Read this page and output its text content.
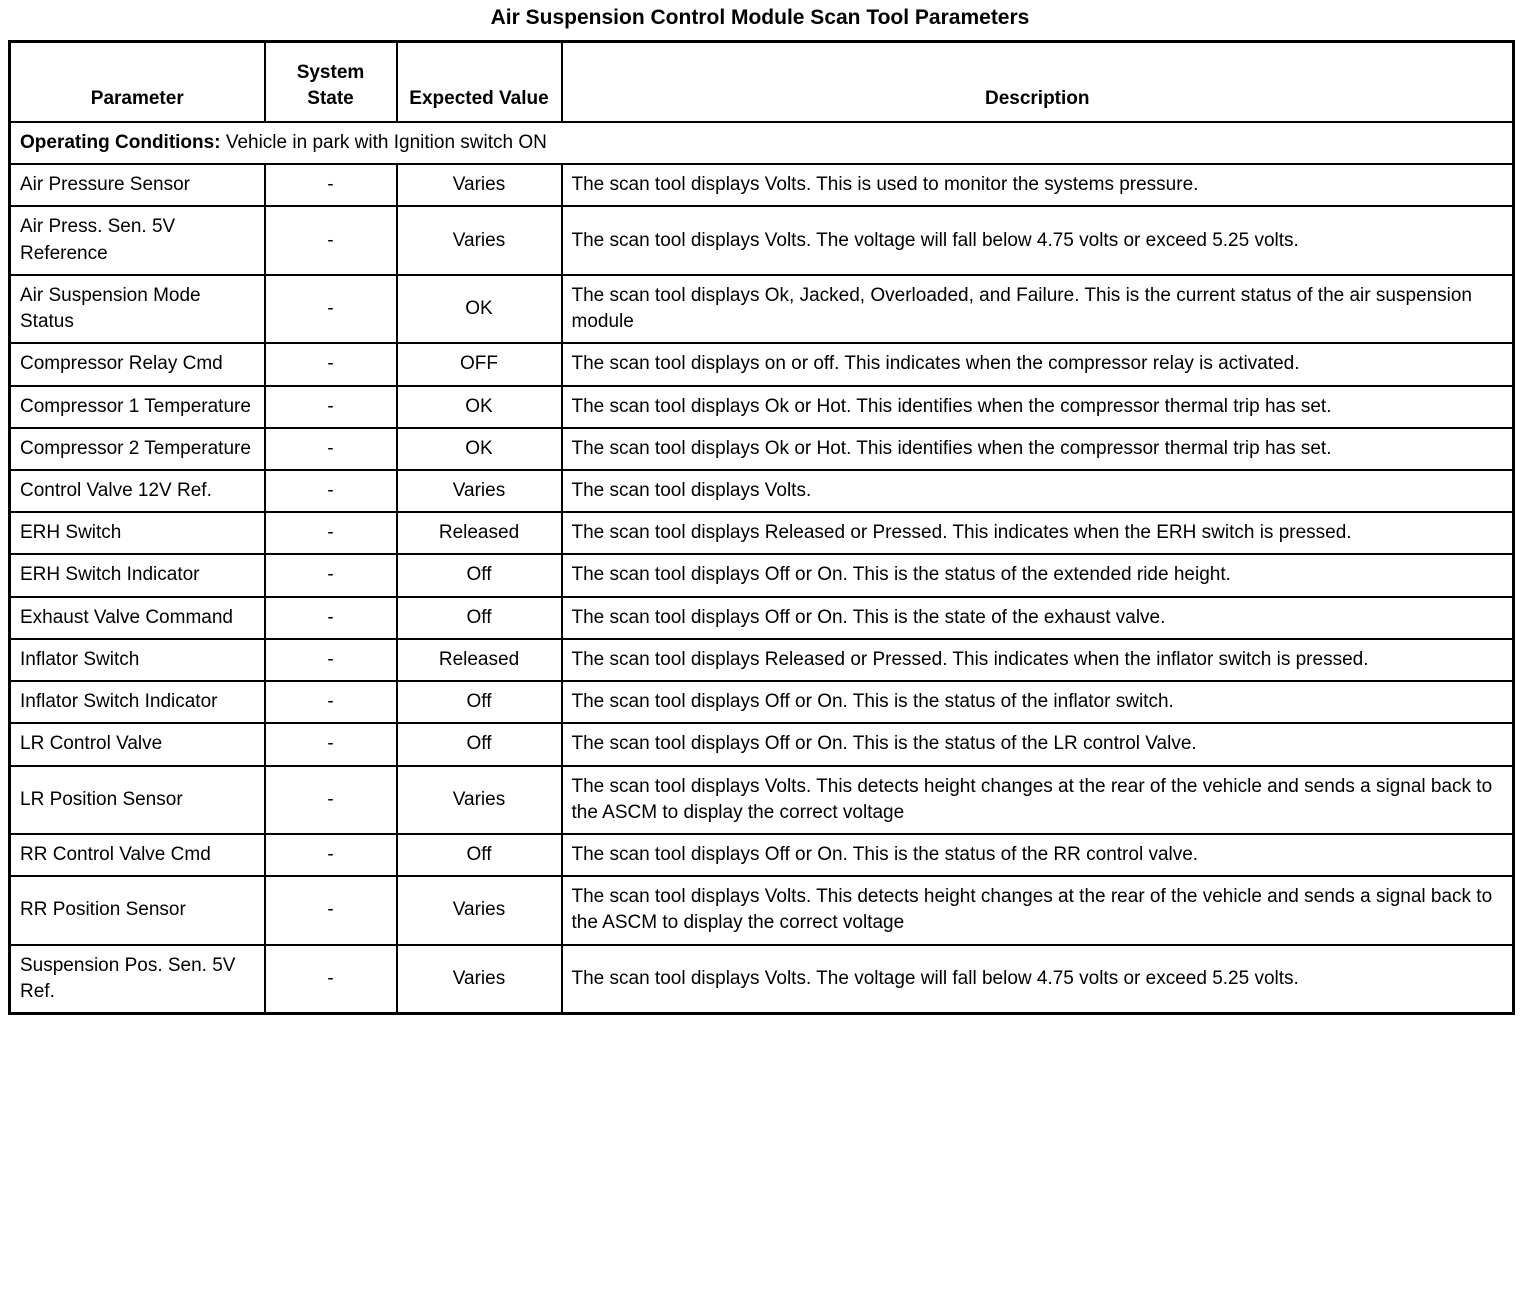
Air Suspension Control Module Scan Tool Parameters
Parameter	System State	Expected Value	Description
Operating Conditions: Vehicle in park with Ignition switch ON			
Air Pressure Sensor	-	Varies	The scan tool displays Volts. This is used to monitor the systems pressure.
Air Press. Sen. 5V Reference	-	Varies	The scan tool displays Volts. The voltage will fall below 4.75 volts or exceed 5.25 volts.
Air Suspension Mode Status	-	OK	The scan tool displays Ok, Jacked, Overloaded, and Failure. This is the current status of the air suspension module
Compressor Relay Cmd	-	OFF	The scan tool displays on or off. This indicates when the compressor relay is activated.
Compressor 1 Temperature	-	OK	The scan tool displays Ok or Hot. This identifies when the compressor thermal trip has set.
Compressor 2 Temperature	-	OK	The scan tool displays Ok or Hot. This identifies when the compressor thermal trip has set.
Control Valve 12V Ref.	-	Varies	The scan tool displays Volts.
ERH Switch	-	Released	The scan tool displays Released or Pressed. This indicates when the ERH switch is pressed.
ERH Switch Indicator	-	Off	The scan tool displays Off or On. This is the status of the extended ride height.
Exhaust Valve Command	-	Off	The scan tool displays Off or On. This is the state of the exhaust valve.
Inflator Switch	-	Released	The scan tool displays Released or Pressed. This indicates when the inflator switch is pressed.
Inflator Switch Indicator	-	Off	The scan tool displays Off or On. This is the status of the inflator switch.
LR Control Valve	-	Off	The scan tool displays Off or On. This is the status of the LR control Valve.
LR Position Sensor	-	Varies	The scan tool displays Volts. This detects height changes at the rear of the vehicle and sends a signal back to the ASCM to display the correct voltage
RR Control Valve Cmd	-	Off	The scan tool displays Off or On. This is the status of the RR control valve.
RR Position Sensor	-	Varies	The scan tool displays Volts. This detects height changes at the rear of the vehicle and sends a signal back to the ASCM to display the correct voltage
Suspension Pos. Sen. 5V Ref.	-	Varies	The scan tool displays Volts. The voltage will fall below 4.75 volts or exceed 5.25 volts.
